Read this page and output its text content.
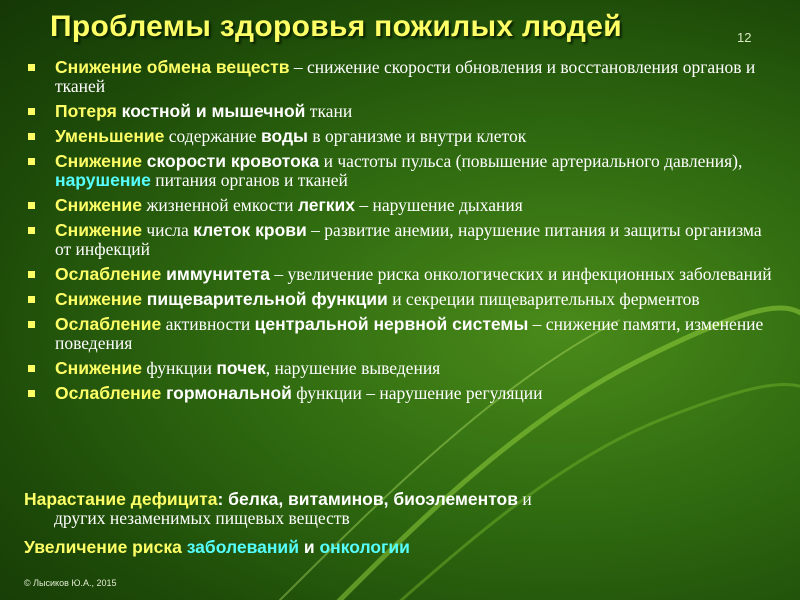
Проблемы здоровья пожилых людей	12
Снижение обмена веществ – снижение скорости обновления и восстановления органов и тканей
Потеря костной и мышечной ткани
Уменьшение содержание воды в организме и внутри клеток
Снижение скорости кровотока и частоты пульса (повышение артериального давления), нарушение питания органов и тканей
Снижение жизненной емкости легких – нарушение дыхания
Снижение числа клеток крови – развитие анемии, нарушение питания и защиты организма от инфекций
Ослабление иммунитета – увеличение риска онкологических и инфекционных заболеваний
Снижение пищеварительной функции и секреции пищеварительных ферментов
Ослабление активности центральной нервной системы – снижение памяти, изменение поведения
Снижение функции почек, нарушение выведения
Ослабление гормональной функции – нарушение регуляции
Нарастание дефицита: белка, витаминов, биоэлементов и
других незаменимых пищевых веществ
Увеличение риска заболеваний и онкологии
© Лысиков Ю.А., 2015
